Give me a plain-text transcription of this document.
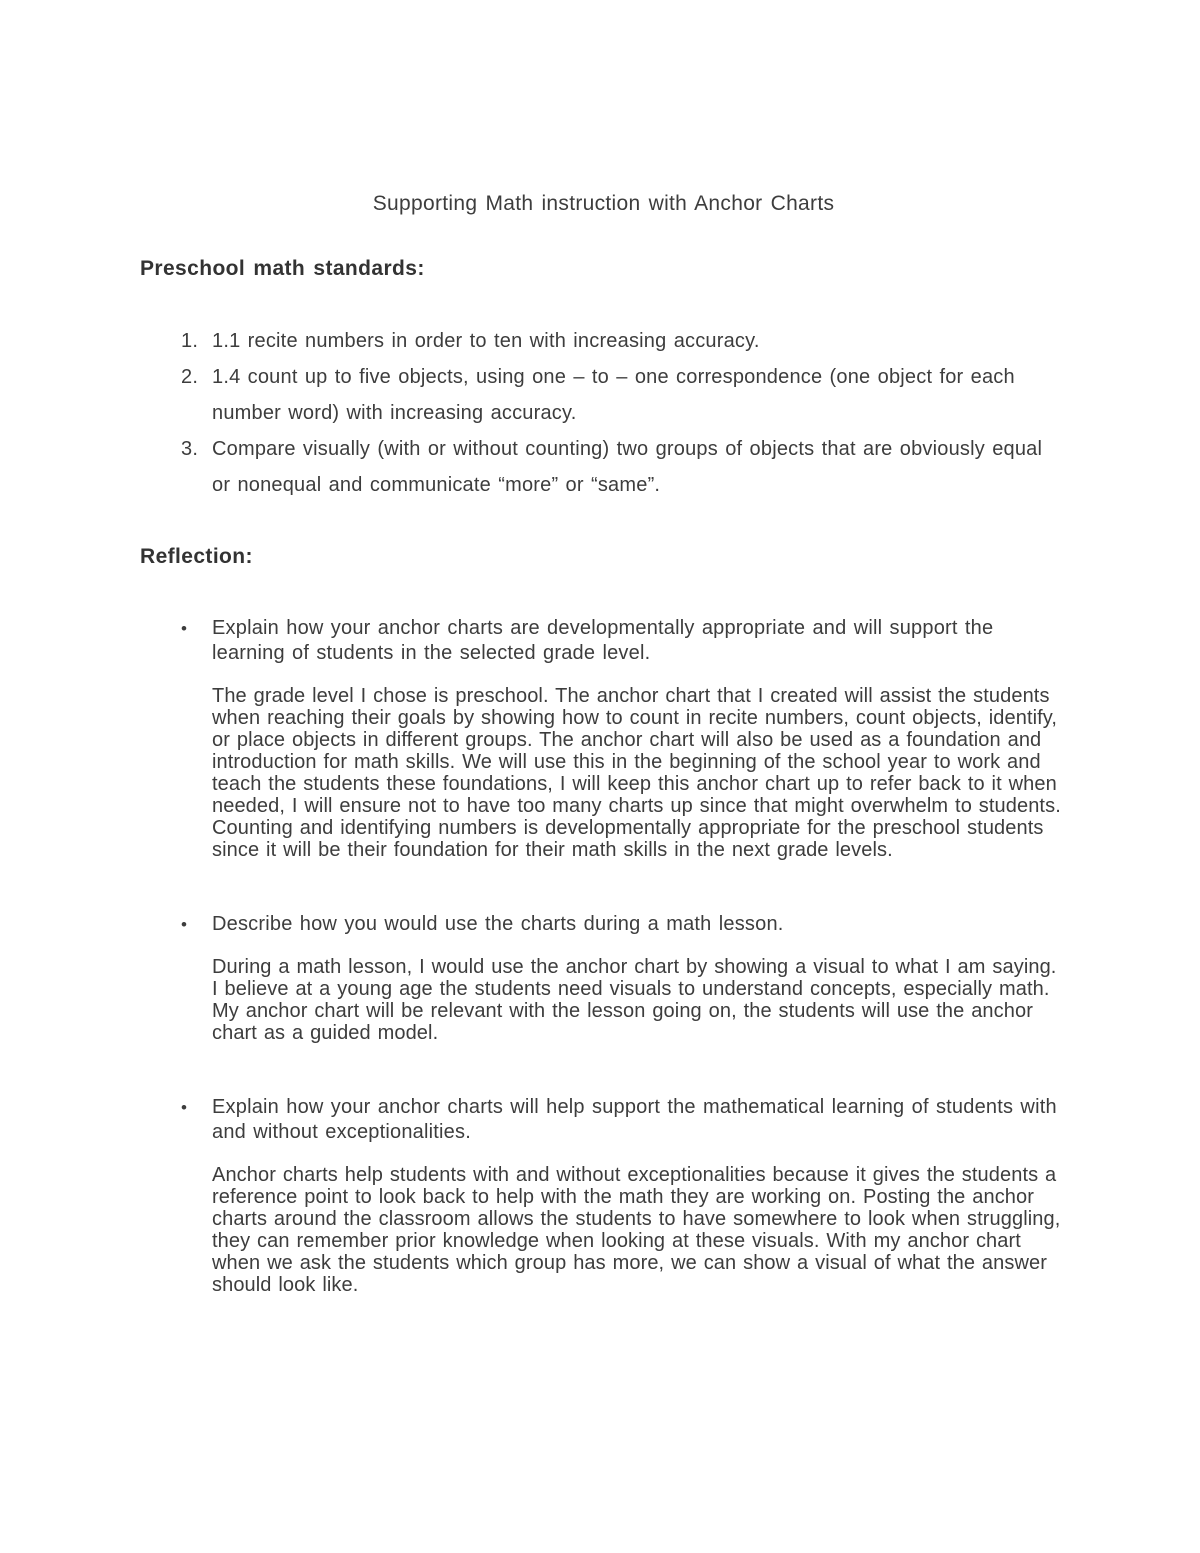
Supporting Math instruction with Anchor Charts
Preschool math standards:
1. 1.1 recite numbers in order to ten with increasing accuracy.
2. 1.4 count up to five objects, using one – to – one correspondence (one object for each number word) with increasing accuracy.
3. Compare visually (with or without counting) two groups of objects that are obviously equal or nonequal and communicate “more” or “same”.
Reflection:
•	Explain how your anchor charts are developmentally appropriate and will support the learning of students in the selected grade level.
The grade level I chose is preschool. The anchor chart that I created will assist the students when reaching their goals by showing how to count in recite numbers, count objects, identify, or place objects in different groups. The anchor chart will also be used as a foundation and introduction for math skills. We will use this in the beginning of the school year to work and teach the students these foundations, I will keep this anchor chart up to refer back to it when needed, I will ensure not to have too many charts up since that might overwhelm to students. Counting and identifying numbers is developmentally appropriate for the preschool students since it will be their foundation for their math skills in the next grade levels.
•	Describe how you would use the charts during a math lesson.
During a math lesson, I would use the anchor chart by showing a visual to what I am saying. I believe at a young age the students need visuals to understand concepts, especially math. My anchor chart will be relevant with the lesson going on, the students will use the anchor chart as a guided model.
•	Explain how your anchor charts will help support the mathematical learning of students with and without exceptionalities.
Anchor charts help students with and without exceptionalities because it gives the students a reference point to look back to help with the math they are working on. Posting the anchor charts around the classroom allows the students to have somewhere to look when struggling, they can remember prior knowledge when looking at these visuals. With my anchor chart when we ask the students which group has more, we can show a visual of what the answer should look like.
